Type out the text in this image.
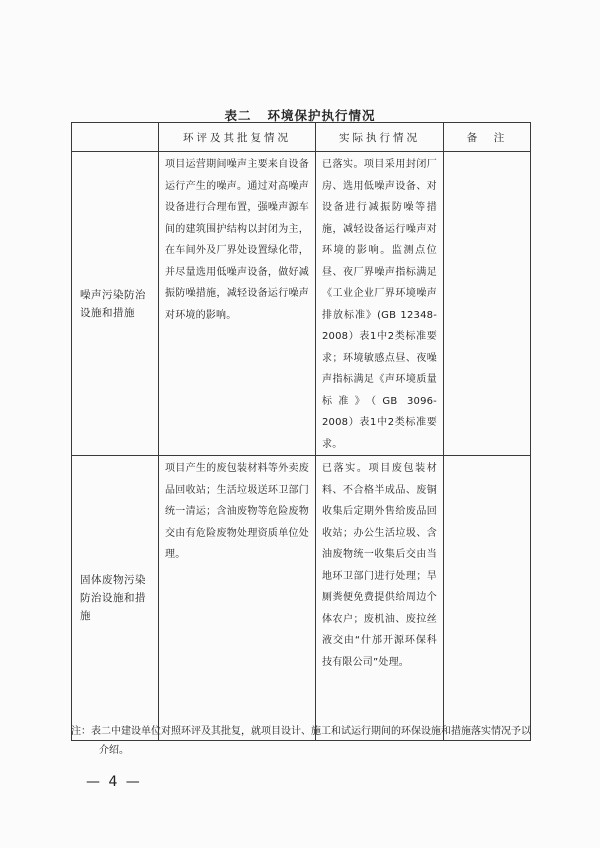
表二 环境保护执行情况
	环评及其批复情况	实际执行情况	备　注
噪声污染防治设施和措施	项目运营期间噪声主要来自设备运行产生的噪声。通过对高噪声设备进行合理布置，强噪声源车间的建筑围护结构以封闭为主，在车间外及厂界处设置绿化带，并尽量选用低噪声设备，做好减振防噪措施，减轻设备运行噪声对环境的影响。	已落实。项目采用封闭厂房、选用低噪声设备、对设备进行减振防噪等措施，减轻设备运行噪声对环境的影响。监测点位昼、夜厂界噪声指标满足《工业企业厂界环境噪声排放标准》(GB 12348-2008）表1中2类标准要求；环境敏感点昼、夜噪声指标满足《声环境质量标准》（GB 3096-2008）表1中2类标准要求。	
固体废物污染防治设施和措施	项目产生的废包装材料等外卖废品回收站；生活垃圾送环卫部门统一清运；含油废物等危险废物交由有危险废物处理资质单位处理。	已落实。项目废包装材料、不合格半成品、废铜收集后定期外售给废品回收站；办公生活垃圾、含油废物统一收集后交由当地环卫部门进行处理；旱厕粪便免费提供给周边个体农户；废机油、废拉丝液交由“什邡开源环保科技有限公司”处理。	
注：表二中建设单位对照环评及其批复，就项目设计、施工和试运行期间的环保设施和措施落实情况予以介绍。
— 4 —
